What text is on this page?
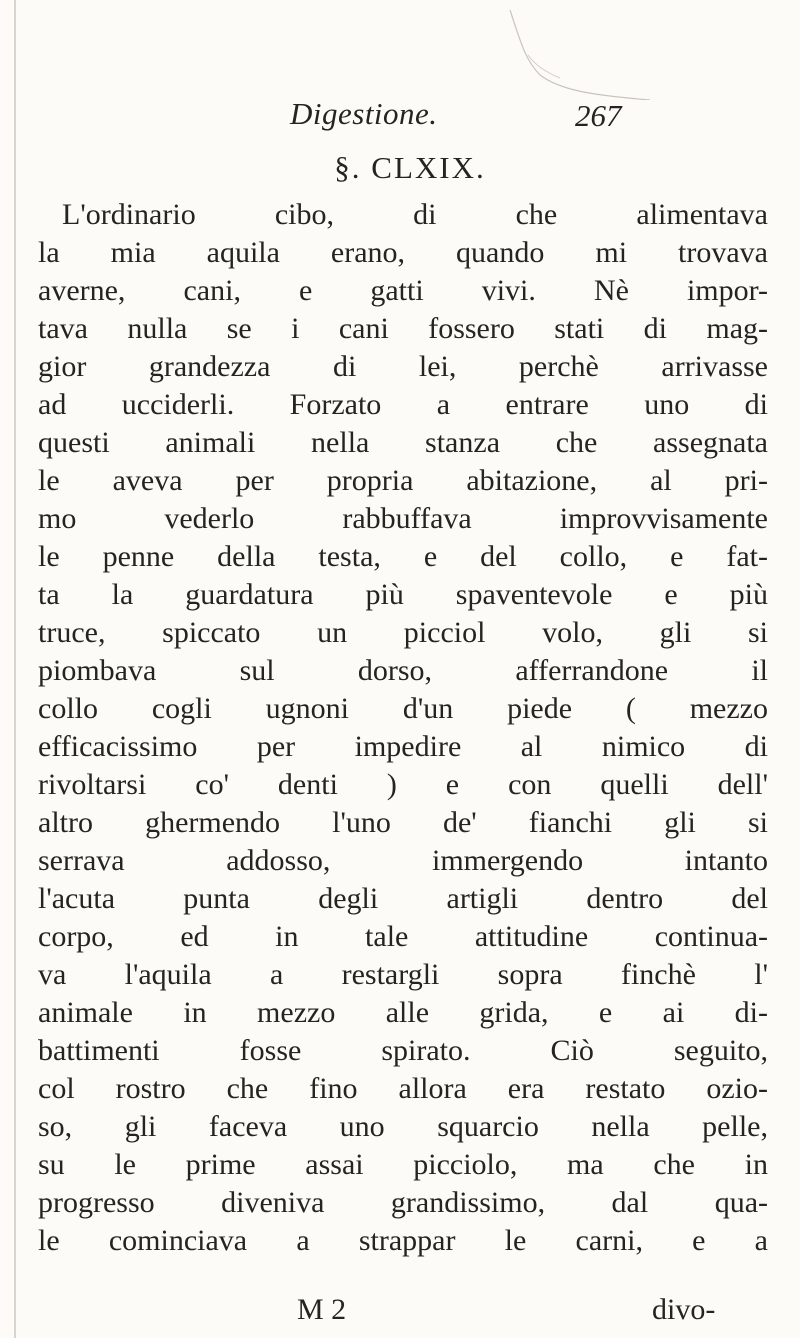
Digestione.	267
§. CLXIX.
L'ordinario cibo, di che alimentava
la mia aquila erano, quando mi trovava
averne, cani, e gatti vivi. Nè impor-
tava nulla se i cani fossero stati di mag-
gior grandezza di lei, perchè arrivasse
ad ucciderli. Forzato a entrare uno di
questi animali nella stanza che assegnata
le aveva per propria abitazione, al pri-
mo vederlo rabbuffava improvvisamente
le penne della testa, e del collo, e fat-
ta la guardatura più spaventevole e più
truce, spiccato un picciol volo, gli si
piombava sul dorso, afferrandone il
collo cogli ugnoni d'un piede ( mezzo
efficacissimo per impedire al nimico di
rivoltarsi co' denti ) e con quelli dell'
altro ghermendo l'uno de' fianchi gli si
serrava addosso, immergendo intanto
l'acuta punta degli artigli dentro del
corpo, ed in tale attitudine continua-
va l'aquila a restargli sopra finchè l'
animale in mezzo alle grida, e ai di-
battimenti fosse spirato. Ciò seguito,
col rostro che fino allora era restato ozio-
so, gli faceva uno squarcio nella pelle,
su le prime assai picciolo, ma che in
progresso diveniva grandissimo, dal qua-
le cominciava a strappar le carni, e a
M 2	divo-
